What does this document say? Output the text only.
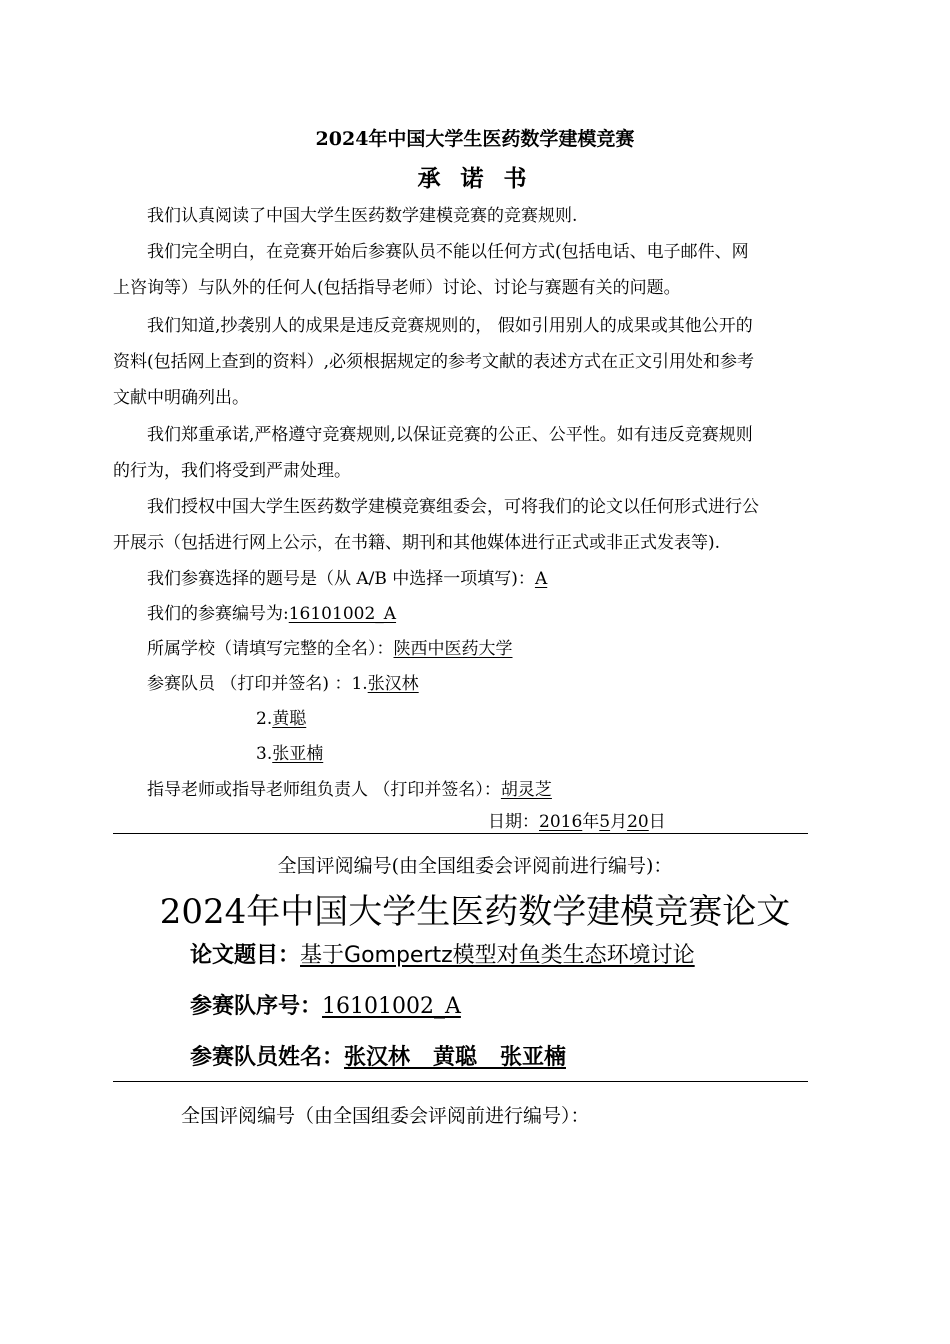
2024年中国大学生医药数学建模竞赛
承 诺 书
我们认真阅读了中国大学生医药数学建模竞赛的竞赛规则.
我们完全明白，在竞赛开始后参赛队员不能以任何方式(包括电话、电子邮件、网
上咨询等）与队外的任何人(包括指导老师）讨论、讨论与赛题有关的问题。
我们知道,抄袭别人的成果是违反竞赛规则的， 假如引用别人的成果或其他公开的
资料(包括网上查到的资料）,必须根据规定的参考文献的表述方式在正文引用处和参考
文献中明确列出。
我们郑重承诺,严格遵守竞赛规则,以保证竞赛的公正、公平性。如有违反竞赛规则
的行为，我们将受到严肃处理。
我们授权中国大学生医药数学建模竞赛组委会，可将我们的论文以任何形式进行公
开展示（包括进行网上公示，在书籍、期刊和其他媒体进行正式或非正式发表等).
我们参赛选择的题号是（从 A/B 中选择一项填写)：A
我们的参赛编号为:16101002_A
所属学校（请填写完整的全名）：陕西中医药大学
参赛队员 （打印并签名) ：1.张汉林
2.黄聪
3.张亚楠
指导老师或指导老师组负责人 （打印并签名）：胡灵芝
日期：2016年5月20日
全国评阅编号(由全国组委会评阅前进行编号)：
2024年中国大学生医药数学建模竞赛论文
论文题目：基于Gompertz模型对鱼类生态环境讨论
参赛队序号：16101002_A
参赛队员姓名：张汉林   黄聪   张亚楠
全国评阅编号（由全国组委会评阅前进行编号）：
